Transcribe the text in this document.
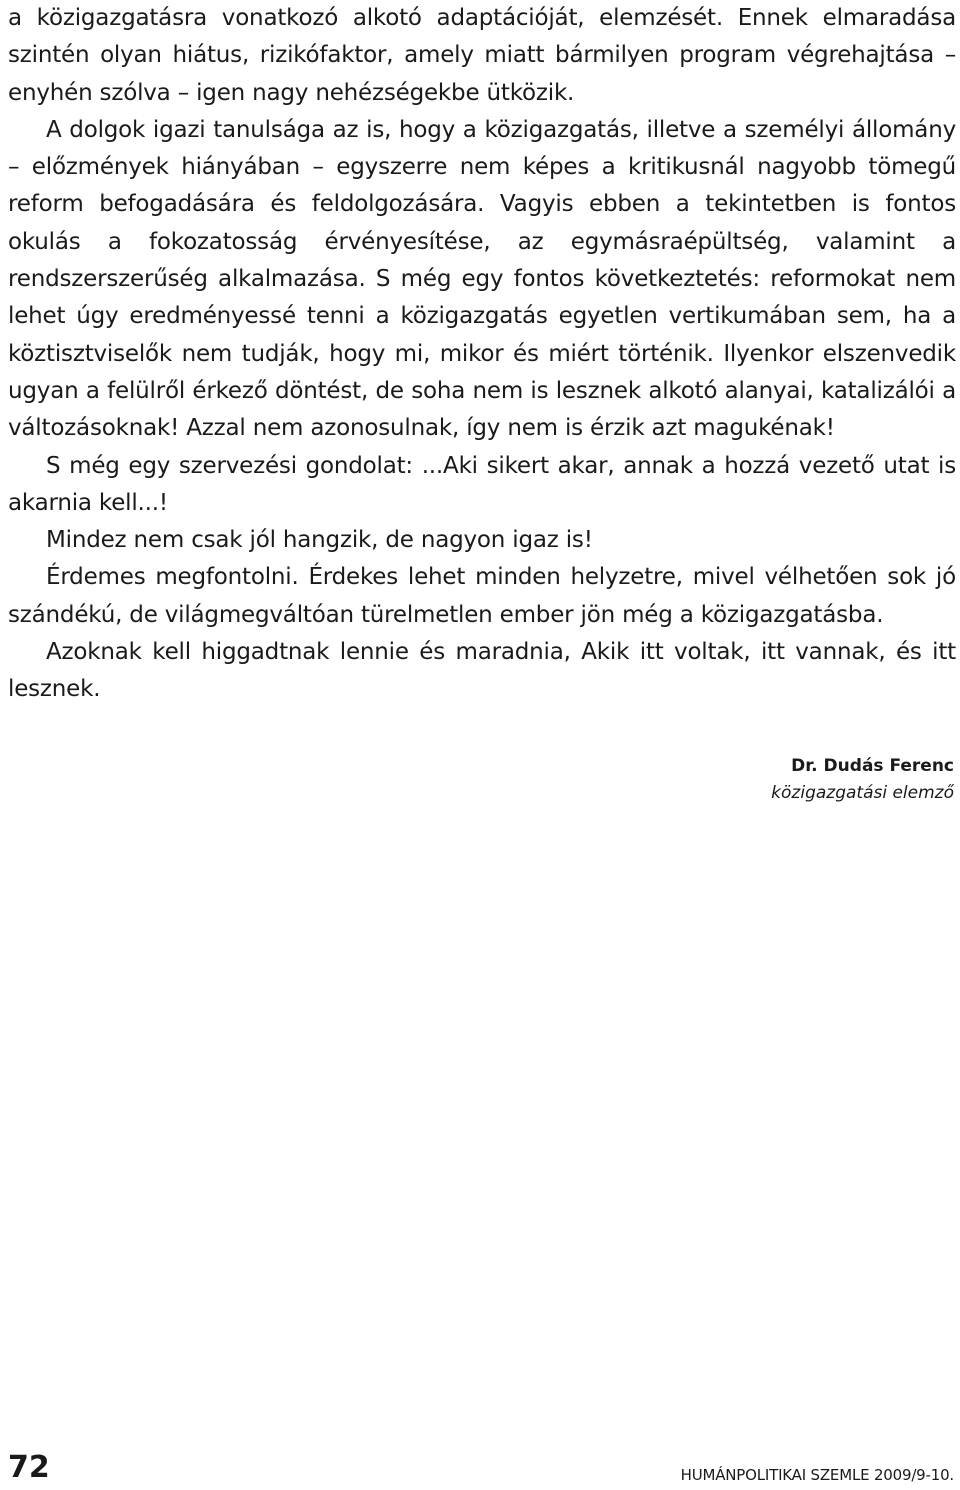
a közigazgatásra vonatkozó alkotó adaptációját, elemzését. Ennek elmaradása szintén olyan hiátus, rizikófaktor, amely miatt bármilyen program végrehajtása – enyhén szólva – igen nagy nehézségekbe ütközik.

A dolgok igazi tanulsága az is, hogy a közigazgatás, illetve a személyi állomány – előzmények hiányában – egyszerre nem képes a kritikusnál nagyobb tömegű reform befogadására és feldolgozására. Vagyis ebben a tekintetben is fontos okulás a fokozatosság érvényesítése, az egymásraépültség, valamint a rendszerszerűség alkalmazása. S még egy fontos következtetés: reformokat nem lehet úgy eredményessé tenni a közigazgatás egyetlen vertikumában sem, ha a köztisztviselők nem tudják, hogy mi, mikor és miért történik. Ilyenkor elszenvedik ugyan a felülről érkező döntést, de soha nem is lesznek alkotó alanyai, katalizálói a változásoknak! Azzal nem azonosulnak, így nem is érzik azt magukénak!

S még egy szervezési gondolat: ...Aki sikert akar, annak a hozzá vezető utat is akarnia kell...!

Mindez nem csak jól hangzik, de nagyon igaz is!

Érdemes megfontolni. Érdekes lehet minden helyzetre, mivel vélhetően sok jó szándékú, de világmegváltóan türelmetlen ember jön még a közigazgatásba.

Azoknak kell higgadtnak lennie és maradnia, Akik itt voltak, itt vannak, és itt lesznek.

Dr. Dudás Ferenc
közigazgatási elemző
72	HUMÁNPOLITIKAI SZEMLE 2009/9-10.
